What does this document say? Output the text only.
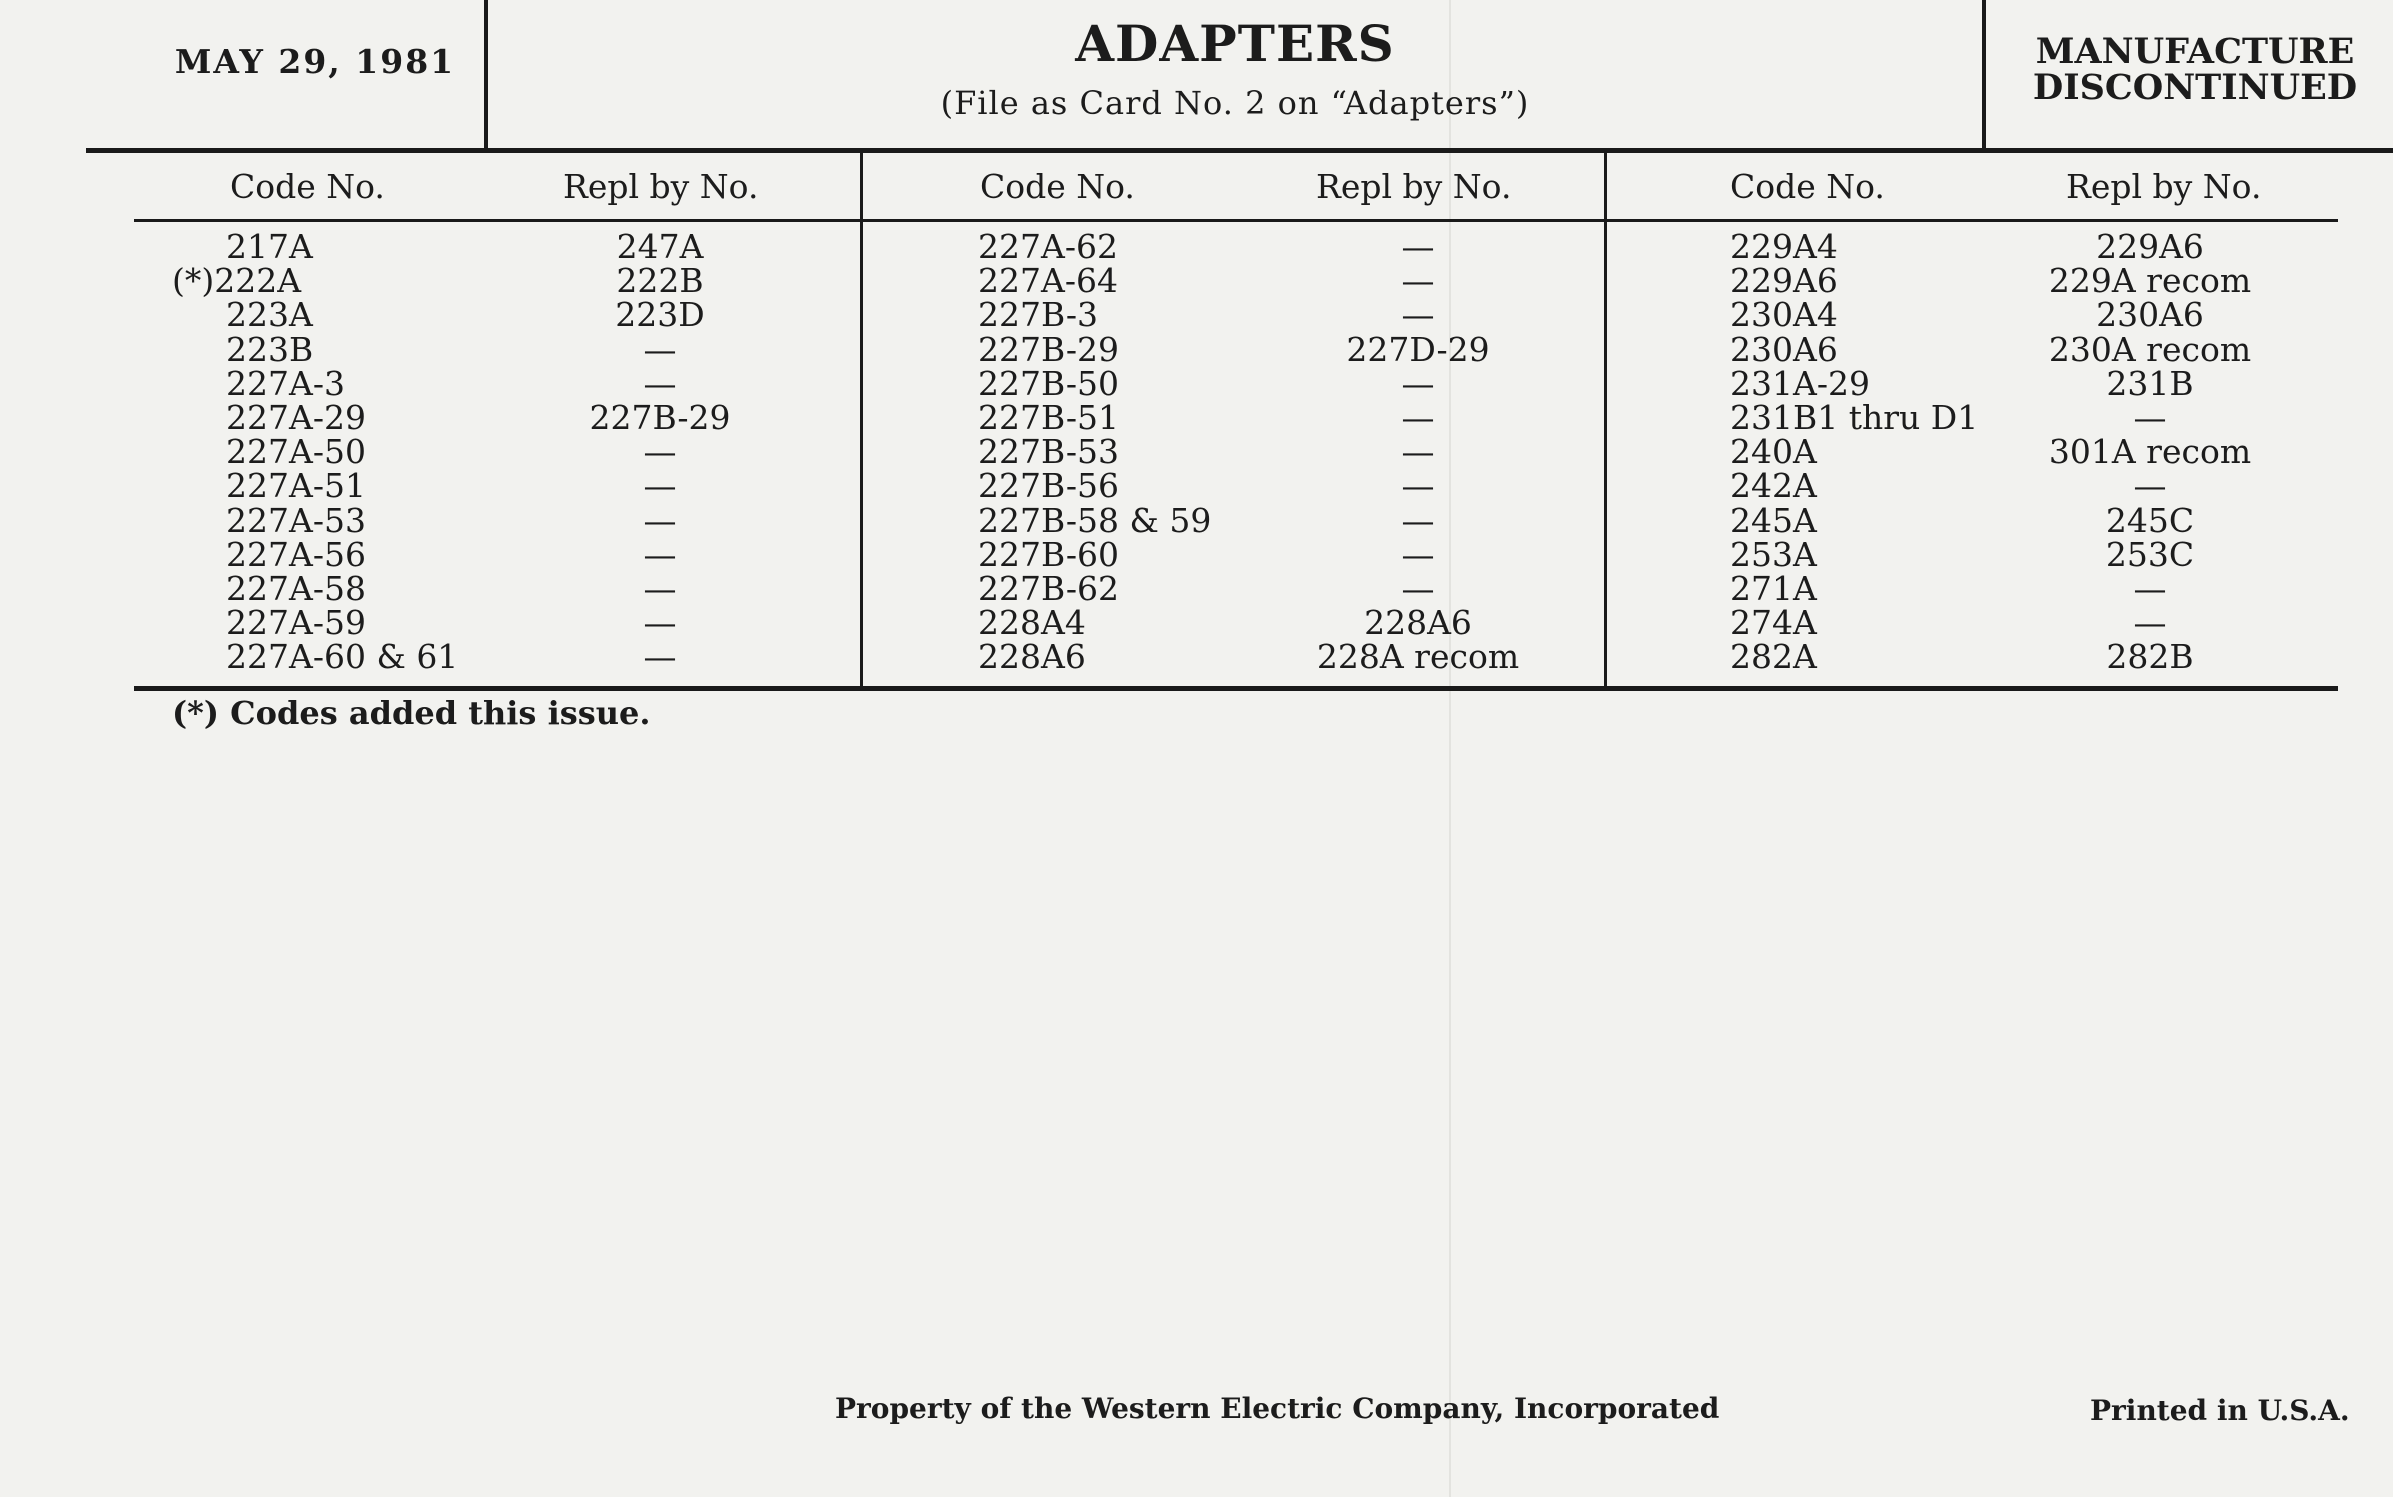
MAY 29, 1981	ADAPTERS
(File as Card No. 2 on “Adapters”)
MANUFACTURE
DISCONTINUED
Code No.	Repl by No.
217A	247A
(*)222A	222B
223A	223D
223B	—
227A-3	—
227A-29	227B-29
227A-50	—
227A-51	—
227A-53	—
227A-56	—
227A-58	—
227A-59	—
227A-60 & 61	—
Code No.	Repl by No.
227A-62	—
227A-64	—
227B-3	—
227B-29	227D-29
227B-50	—
227B-51	—
227B-53	—
227B-56	—
227B-58 & 59	—
227B-60	—
227B-62	—
228A4	228A6
228A6	228A recom
Code No.	Repl by No.
229A4	229A6
229A6	229A recom
230A4	230A6
230A6	230A recom
231A-29	231B
231B1 thru D1	—
240A	301A recom
242A	—
245A	245C
253A	253C
271A	—
274A	—
282A	282B
(*) Codes added this issue.
Property of the Western Electric Company, Incorporated	Printed in U.S.A.
